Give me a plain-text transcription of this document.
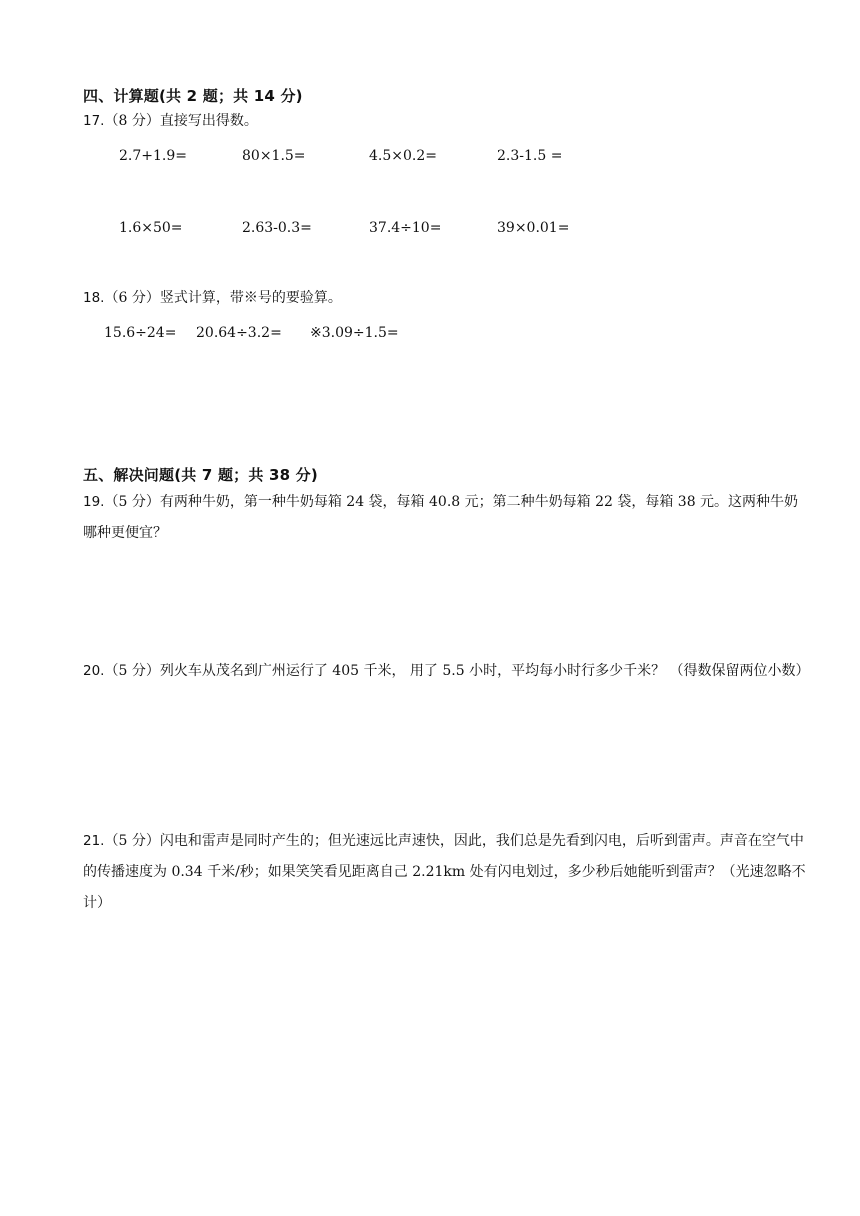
四、计算题(共 2 题；共 14 分)
17.（8 分）直接写出得数。
2.7+1.9=	80×1.5=	4.5×0.2=	2.3-1.5 =
1.6×50=	2.63-0.3=	37.4÷10=	39×0.01=
18.（6 分）竖式计算，带※号的要验算。
15.6÷24= 20.64÷3.2= ※3.09÷1.5=
五、解决问题(共 7 题；共 38 分)
19.（5 分）有两种牛奶，第一种牛奶每箱 24 袋，每箱 40.8 元；第二种牛奶每箱 22 袋，每箱 38 元。这两种牛奶哪种更便宜？
20.（5 分）列火车从茂名到广州运行了 405 千米， 用了 5.5 小时，平均每小时行多少千米？ （得数保留两位小数）
21.（5 分）闪电和雷声是同时产生的；但光速远比声速快，因此，我们总是先看到闪电，后听到雷声。声音在空气中的传播速度为 0.34 千米/秒；如果笑笑看见距离自己 2.21km 处有闪电划过，多少秒后她能听到雷声？（光速忽略不计）
